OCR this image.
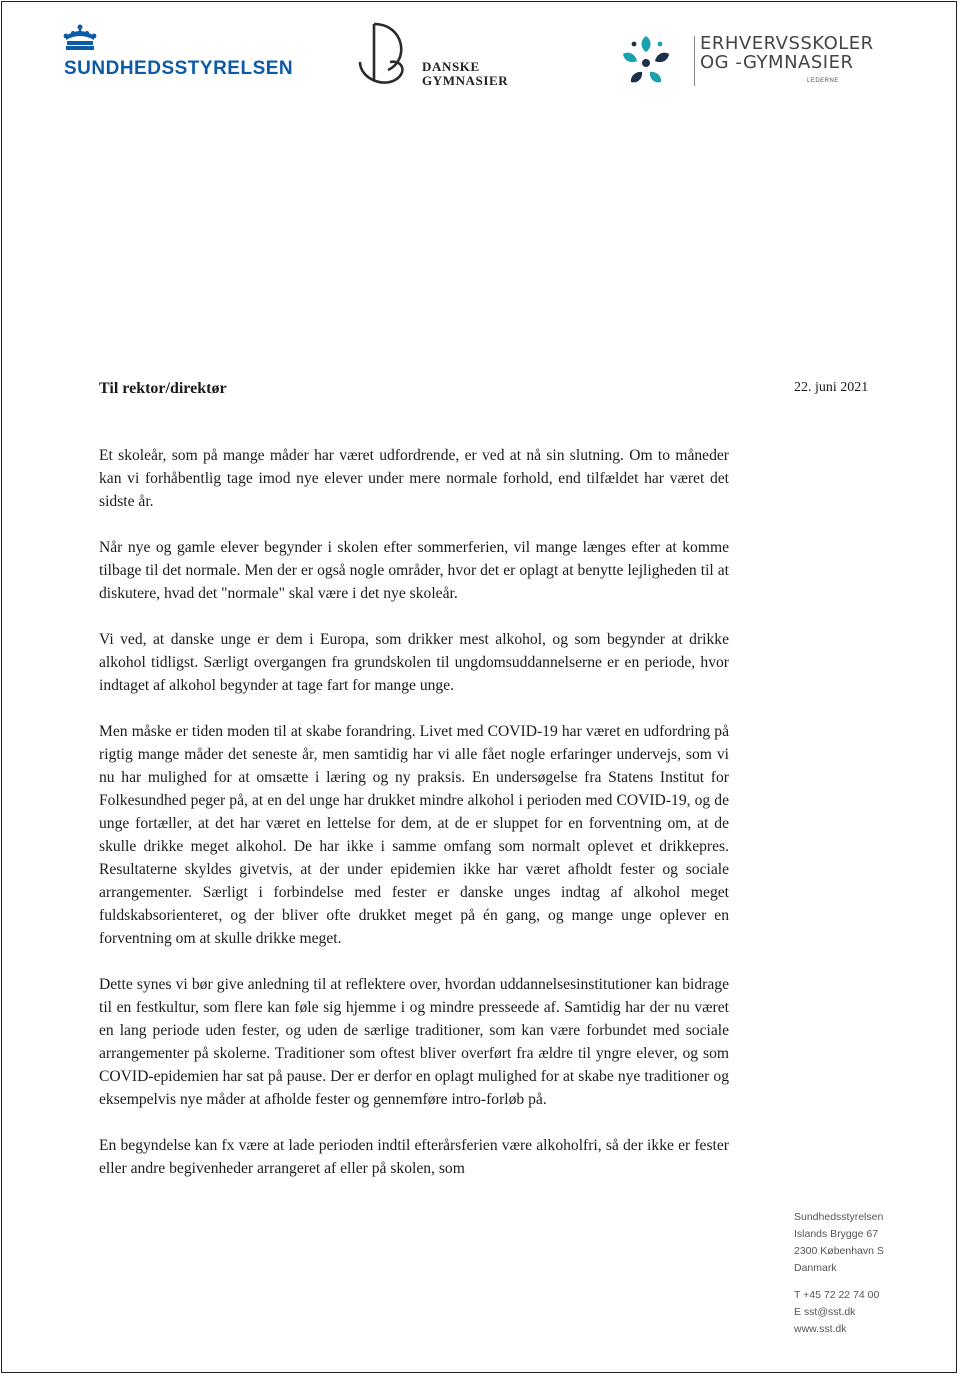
SUNDHEDSSTYRELSEN	DANSKE
GYMNASIER
ERHVERVSSKOLER
OG -GYMNASIER
LEDERNE
Til rektor/direktør	22. juni 2021

Et skoleår, som på mange måder har været udfordrende, er ved at nå sin slutning. Om to måneder kan vi forhåbentlig tage imod nye elever under mere normale forhold, end tilfældet har været det sidste år.

Når nye og gamle elever begynder i skolen efter sommerferien, vil mange længes efter at komme tilbage til det normale. Men der er også nogle områder, hvor det er oplagt at benytte lejligheden til at diskutere, hvad det "normale" skal være i det nye skoleår.

Vi ved, at danske unge er dem i Europa, som drikker mest alkohol, og som begynder at drikke alkohol tidligst. Særligt overgangen fra grundskolen til ungdomsuddannelserne er en periode, hvor indtaget af alkohol begynder at tage fart for mange unge.

Men måske er tiden moden til at skabe forandring. Livet med COVID-19 har været en udfordring på rigtig mange måder det seneste år, men samtidig har vi alle fået nogle erfaringer undervejs, som vi nu har mulighed for at omsætte i læring og ny praksis. En undersøgelse fra Statens Institut for Folkesundhed peger på, at en del unge har drukket mindre alkohol i perioden med COVID-19, og de unge fortæller, at det har været en lettelse for dem, at de er sluppet for en forventning om, at de skulle drikke meget alkohol. De har ikke i samme omfang som normalt oplevet et drikkepres. Resultaterne skyldes givetvis, at der under epidemien ikke har været afholdt fester og sociale arrangementer. Særligt i forbindelse med fester er danske unges indtag af alkohol meget fuldskabsorienteret, og der bliver ofte drukket meget på én gang, og mange unge oplever en forventning om at skulle drikke meget.

Dette synes vi bør give anledning til at reflektere over, hvordan uddannelsesinstitutioner kan bidrage til en festkultur, som flere kan føle sig hjemme i og mindre presseede af. Samtidig har der nu været en lang periode uden fester, og uden de særlige traditioner, som kan være forbundet med sociale arrangementer på skolerne. Traditioner som oftest bliver overført fra ældre til yngre elever, og som COVID-epidemien har sat på pause. Der er derfor en oplagt mulighed for at skabe nye traditioner og eksempelvis nye måder at afholde fester og gennemføre intro-forløb på.

En begyndelse kan fx være at lade perioden indtil efterårsferien være alkoholfri, så der ikke er fester eller andre begivenheder arrangeret af eller på skolen, som

Sundhedsstyrelsen
Islands Brygge 67
2300 København S
Danmark
T +45 72 22 74 00
E sst@sst.dk
www.sst.dk
